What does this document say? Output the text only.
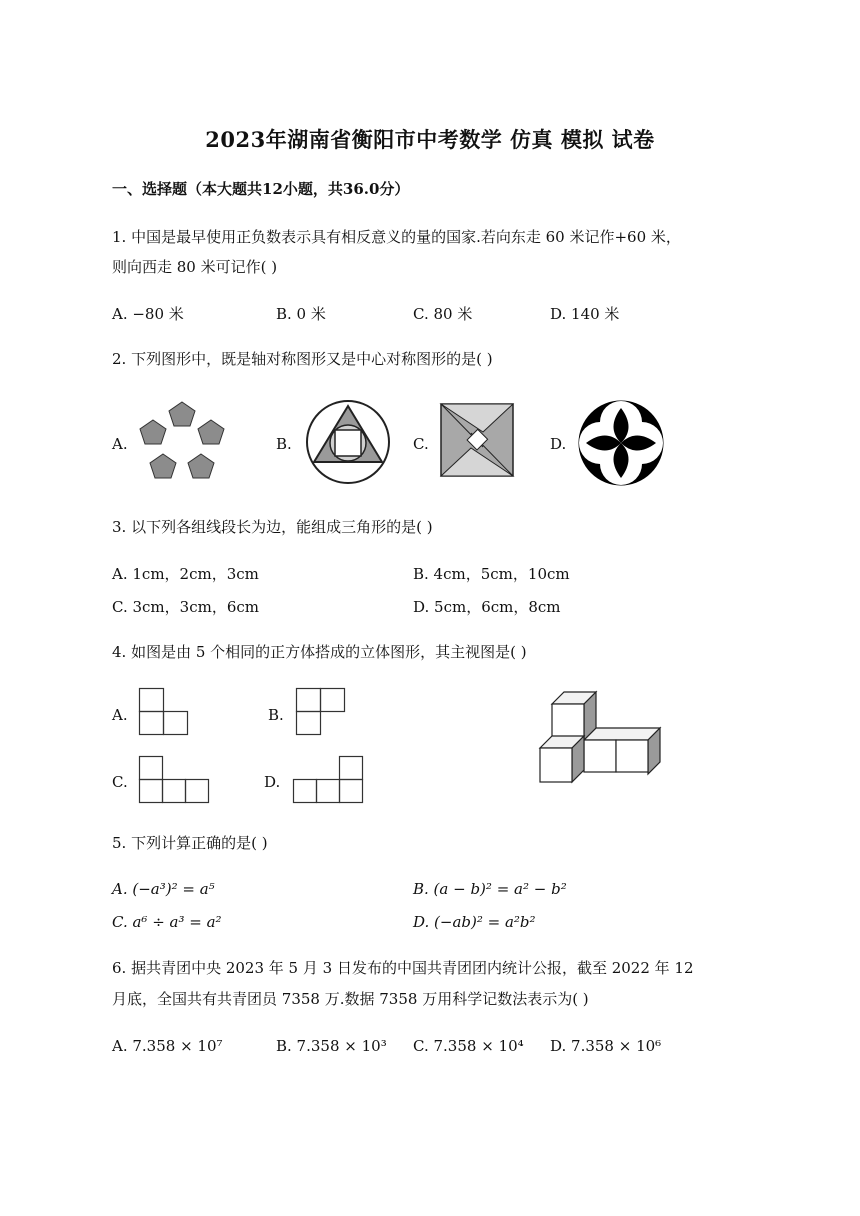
2023年湖南省衡阳市中考数学 仿真 模拟 试卷
一、选择题（本大题共12小题，共36.0分）
1. 中国是最早使用正负数表示具有相反意义的量的国家.若向东走 60 米记作+60 米，
则向西走 80 米可记作( )
A. −80 米	B. 0 米	C. 80 米	D. 140 米
2. 下列图形中，既是轴对称图形又是中心对称图形的是( )
A.	B.	C.	D.
3. 以下列各组线段长为边，能组成三角形的是( )
A. 1cm，2cm，3cm	B. 4cm，5cm，10cm
C. 3cm，3cm，6cm	D. 5cm，6cm，8cm
4. 如图是由 5 个相同的正方体搭成的立体图形，其主视图是( )
A.	B.
C.	D.
5. 下列计算正确的是( )
A. (−a³)² = a⁵	B. (a − b)² = a² − b²
C. a⁶ ÷ a³ = a²	D. (−ab)² = a²b²
6. 据共青团中央 2023 年 5 月 3 日发布的中国共青团团内统计公报，截至 2022 年 12
月底，全国共有共青团员 7358 万.数据 7358 万用科学记数法表示为( )
A. 7.358 × 10⁷	B. 7.358 × 10³ C. 7.358 × 10⁴ D. 7.358 × 10⁶
